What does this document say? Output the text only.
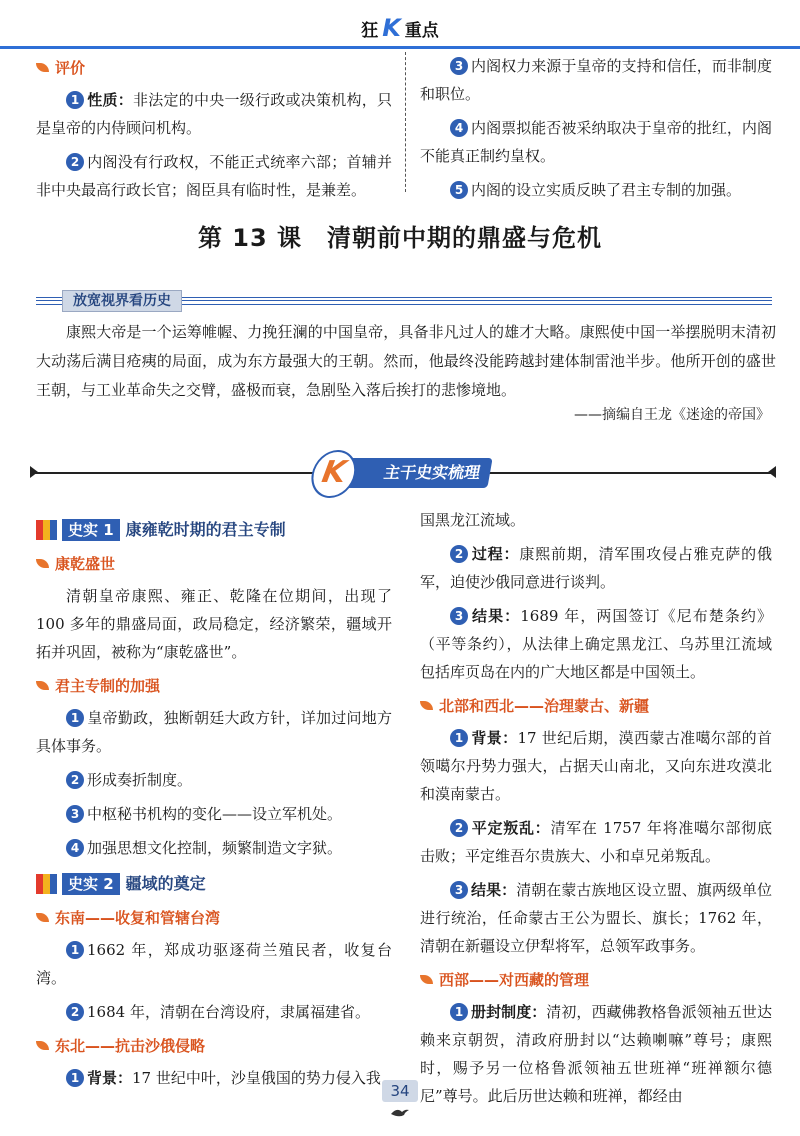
狂 K 重点
评价

1 性质：非法定的中央一级行政或决策机构，只是皇帝的内侍顾问机构。

2 内阁没有行政权，不能正式统率六部；首辅并非中央最高行政长官；阁臣具有临时性，是兼差。

3 内阁权力来源于皇帝的支持和信任，而非制度和职位。

4 内阁票拟能否被采纳取决于皇帝的批红，内阁不能真正制约皇权。

5 内阁的设立实质反映了君主专制的加强。

第 13 课　清朝前中期的鼎盛与危机
放宽视界看历史

康熙大帝是一个运筹帷幄、力挽狂澜的中国皇帝，具备非凡过人的雄才大略。康熙使中国一举摆脱明末清初大动荡后满目疮痍的局面，成为东方最强大的王朝。然而，他最终没能跨越封建体制雷池半步。他所开创的盛世王朝，与工业革命失之交臂，盛极而衰，急剧坠入落后挨打的悲惨境地。

——摘编自王龙《迷途的帝国》
K	主干史实梳理
史实 1 康雍乾时期的君主专制
康乾盛世

清朝皇帝康熙、雍正、乾隆在位期间，出现了 100 多年的鼎盛局面，政局稳定，经济繁荣，疆域开拓并巩固，被称为“康乾盛世”。

君主专制的加强

1 皇帝勤政，独断朝廷大政方针，详加过问地方具体事务。

2 形成奏折制度。

3 中枢秘书机构的变化——设立军机处。

4 加强思想文化控制，频繁制造文字狱。

史实 2 疆域的奠定
东南——收复和管辖台湾

1 1662 年，郑成功驱逐荷兰殖民者，收复台湾。

2 1684 年，清朝在台湾设府，隶属福建省。

东北——抗击沙俄侵略

1 背景：17 世纪中叶，沙皇俄国的势力侵入我

国黑龙江流域。

2 过程：康熙前期，清军围攻侵占雅克萨的俄军，迫使沙俄同意进行谈判。

3 结果：1689 年，两国签订《尼布楚条约》（平等条约），从法律上确定黑龙江、乌苏里江流域包括库页岛在内的广大地区都是中国领土。

北部和西北——治理蒙古、新疆

1 背景：17 世纪后期，漠西蒙古准噶尔部的首领噶尔丹势力强大，占据天山南北，又向东进攻漠北和漠南蒙古。

2 平定叛乱：清军在 1757 年将准噶尔部彻底击败；平定维吾尔贵族大、小和卓兄弟叛乱。

3 结果：清朝在蒙古族地区设立盟、旗两级单位进行统治，任命蒙古王公为盟长、旗长；1762 年，清朝在新疆设立伊犁将军，总领军政事务。

西部——对西藏的管理

1 册封制度：清初，西藏佛教格鲁派领袖五世达赖来京朝贺，清政府册封以“达赖喇嘛”尊号；康熙时，赐予另一位格鲁派领袖五世班禅“班禅额尔德尼”尊号。此后历世达赖和班禅，都经由

34
